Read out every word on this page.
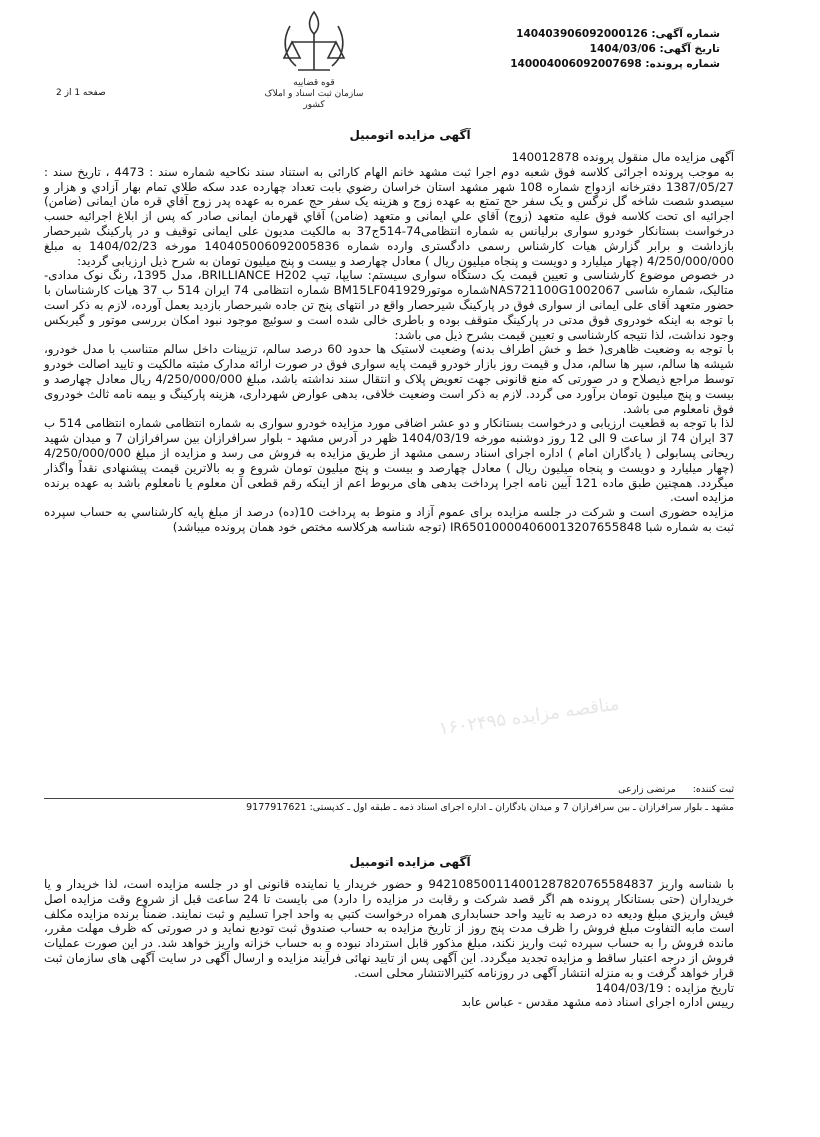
شماره آگهی: 140403906092000126
تاریخ آگهی: 1404/03/06
شماره پرونده: 140004006092007698
قوه قضاییه
سازمان ثبت اسناد و املاک کشور
صفحه 1 از 2
آگهی مزایده اتومبیل

آگهی مزایده مال منقول پرونده 140012878

به موجب پرونده اجرائی کلاسه فوق شعبه دوم اجرا ثبت مشهد خانم الهام کارائی به استناد سند نکاحیه شماره سند : 4473 ، تاریخ سند : 1387/05/27 دفترخانه ازدواج شماره 108 شهر مشهد استان خراسان رضوي بابت تعداد چهارده عدد سکه طلاي تمام بهار آزادي و هزار و سیصدو شصت شاخه گل نرگس و یک سفر حج تمتع به عهده زوج و هزینه یک سفر حج عمره به عهده پدر زوج آقاي قره مان ایمانی (ضامن) اجرائیه ای تحت کلاسه فوق علیه متعهد (زوج) آقاي علي ایمانی و متعهد (ضامن) آقاي قهرمان ایمانی صادر که پس از ابلاغ اجرائیه حسب درخواست بستانکار خودرو سواری برلیانس به شماره انتظامی74-514ج37 به مالکیت مدیون علی ایمانی توقیف و در پارکینگ شیرحصار بازداشت و برابر گزارش هیات کارشناس رسمی دادگستری وارده شماره 140405006092005836 مورخه 1404/02/23 به مبلغ 4/250/000/000 (چهار میلیارد و دویست و پنجاه میلیون ریال ) معادل چهارصد و بیست و پنج میلیون تومان به شرح ذیل ارزیابی گردید:

در خصوص موضوع کارشناسی و تعیین قیمت یک دستگاه سواری سیستم: سایپا، تیپ BRILLIANCE H202، مدل 1395، رنگ نوک مدادی-متالیک، شماره شاسی NAS721100G1002067شماره موتورBM15LF041929 شماره انتظامی 74 ایران 514 ب 37 هیات کارشناسان با حضور متعهد آقای علی ایمانی از سواری فوق در پارکینگ شیرحصار واقع در انتهای پنج تن جاده شیرحصار بازدید بعمل آورده، لازم به ذکر است با توجه به اینکه خودروی فوق مدتی در پارکینگ متوقف بوده و باطری خالی شده است و سوئیچ موجود نبود امکان بررسی موتور و گیربکس وجود نداشت، لذا نتیجه کارشناسی و تعیین قیمت بشرح ذیل می باشد:

با توجه به وضعیت ظاهری( خط و خش اطراف بدنه) وضعیت لاستیک ها حدود 60 درصد سالم، تزیینات داخل سالم متناسب با مدل خودرو، شیشه ها سالم، سپر ها سالم، مدل و قیمت روز بازار خودرو قیمت پایه سواری فوق در صورت ارائه مدارک مثبته مالکیت و تایید اصالت خودرو توسط مراجع ذیصلاح و در صورتی که منع قانونی جهت تعویض پلاک و انتقال سند نداشته باشد، مبلغ 4/250/000/000 ریال معادل چهارصد و بیست و پنج میلیون تومان برآورد می گردد. لازم به ذکر است وضعیت خلافی، بدهی عوارض شهرداری، هزینه پارکینگ و بیمه نامه ثالث خودروی فوق نامعلوم می باشد.

لذا با توجه به قطعیت ارزیابی و درخواست بستانکار و دو عشر اضافی مورد مزایده خودرو سواری به شماره انتظامی شماره انتظامی 514 ب 37 ایران 74 از ساعت 9 الی 12 روز دوشنبه مورخه 1404/03/19 ظهر در آدرس مشهد - بلوار سرافرازان بین سرافرازان 7 و میدان شهید ریحانی پسابولی ( یادگاران امام ) اداره اجرای اسناد رسمی مشهد از طریق مزایده به فروش می رسد و مزایده از مبلغ 4/250/000/000 (چهار میلیارد و دویست و پنجاه میلیون ریال ) معادل چهارصد و بیست و پنج میلیون تومان شروع و به بالاترین قیمت پیشنهادی نقداً واگذار میگردد. همچنین طبق ماده 121 آیین نامه اجرا پرداخت بدهی های مربوط اعم از اینکه رقم قطعی آن معلوم یا نامعلوم باشد به عهده برنده مزایده است.

مزایده حضوری است و شرکت در جلسه مزایده برای عموم آزاد و منوط به پرداخت 10(ده) درصد از مبلغ پایه کارشناسي به حساب سپرده ثبت به شماره شبا IR650100004060013207655848 (توجه شناسه هرکلاسه مختص خود همان پرونده میباشد)

مناقصه مزایده ۱۶۰۲۴۹۵
ثبت کننده: مرتضی زارعی
مشهد ـ بلوار سرافرازان ـ بین سرافرازان 7 و میدان یادگاران ـ اداره اجرای اسناد ذمه ـ طبقه اول ـ کدپستی: 9177917621
آگهی مزایده اتومبیل

با شناسه واریز 942108500114001287820765584837 و حضور خریدار یا نماینده قانونی او در جلسه مزایده است، لذا خریدار و یا خریداران (حتی بستانکار پرونده هم اگر قصد شرکت و رقابت در مزایده را دارد) می بایست تا 24 ساعت قبل از شروع وقت مزایده اصل فیش واریزي مبلغ ودیعه ده درصد به تایید واحد حسابداری همراه درخواست کتبي به واحد اجرا تسليم و ثبت نمايند. ضمناً برنده مزایده مکلف است مابه التفاوت مبلغ فروش را ظرف مدت پنج روز از تاریخ مزایده به حساب صندوق ثبت تودیع نماید و در صورتی که ظرف مهلت مقرر، مانده فروش را به حساب سپرده ثبت واریز نکند، مبلغ مذکور قابل استرداد نبوده و به حساب خزانه واریز خواهد شد. در این صورت عملیات فروش از درجه اعتبار ساقط و مزایده تجدید میگردد. این آگهی پس از تایید نهائی فرآیند مزایده و ارسال آگهی در سایت آگهی های سازمان ثبت قرار خواهد گرفت و به منزله انتشار آگهی در روزنامه کثیرالانتشار محلی است.

تاریخ مزایده : 1404/03/19

رییس اداره اجرای اسناد ذمه مشهد مقدس - عباس عابد
